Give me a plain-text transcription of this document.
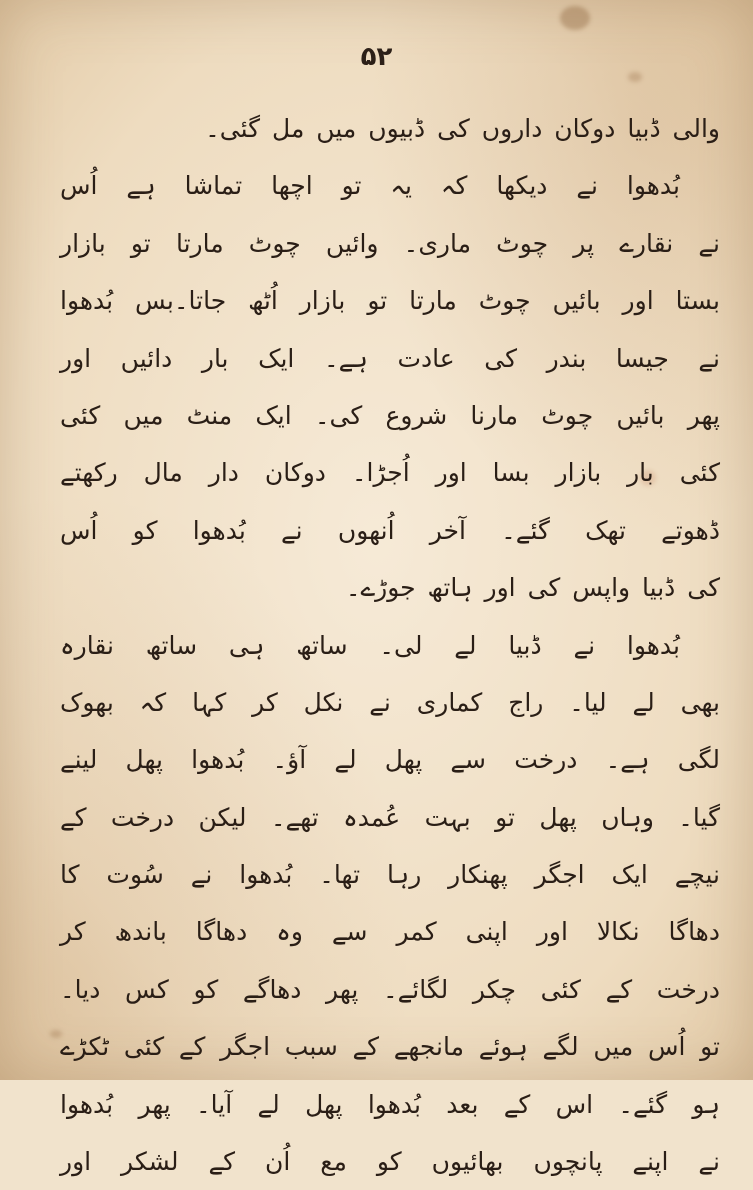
۵۲
والی ڈبیا دوکان داروں کی ڈبیوں میں مل گئی۔
بُدھوا نے دیکھا کہ یہ تو اچھا تماشا ہے اُس
نے نقارے پر چوٹ ماری۔ وائیں چوٹ مارتا تو بازار
بستا اور بائیں چوٹ مارتا تو بازار اُٹھ جاتا۔بس بُدھوا
نے جیسا بندر کی عادت ہے۔ ایک بار دائیں اور
پھر بائیں چوٹ مارنا شروع کی۔ ایک منٹ میں کئی
کئی بار بازار بسا اور اُجڑا۔ دوکان دار مال رکھتے
ڈھوتے تھک گئے۔ آخر اُنھوں نے بُدھوا کو اُس
کی ڈبیا واپس کی اور ہاتھ جوڑے۔
بُدھوا نے ڈبیا لے لی۔ ساتھ ہی ساتھ نقارہ
بھی لے لیا۔ راج کماری نے نکل کر کہا کہ بھوک
لگی ہے۔ درخت سے پھل لے آؤ۔ بُدھوا پھل لینے
گیا۔ وہاں پھل تو بہت عُمدہ تھے۔ لیکن درخت کے
نیچے ایک اجگر پھنکار رہا تھا۔ بُدھوا نے سُوت کا
دھاگا نکالا اور اپنی کمر سے وہ دھاگا باندھ کر
درخت کے کئی چکر لگائے۔ پھر دھاگے کو کس دیا۔
تو اُس میں لگے ہوئے مانجھے کے سبب اجگر کے کئی ٹکڑے
ہو گئے۔ اس کے بعد بُدھوا پھل لے آیا۔ پھر بُدھوا
نے اپنے پانچوں بھائیوں کو مع اُن کے لشکر اور
